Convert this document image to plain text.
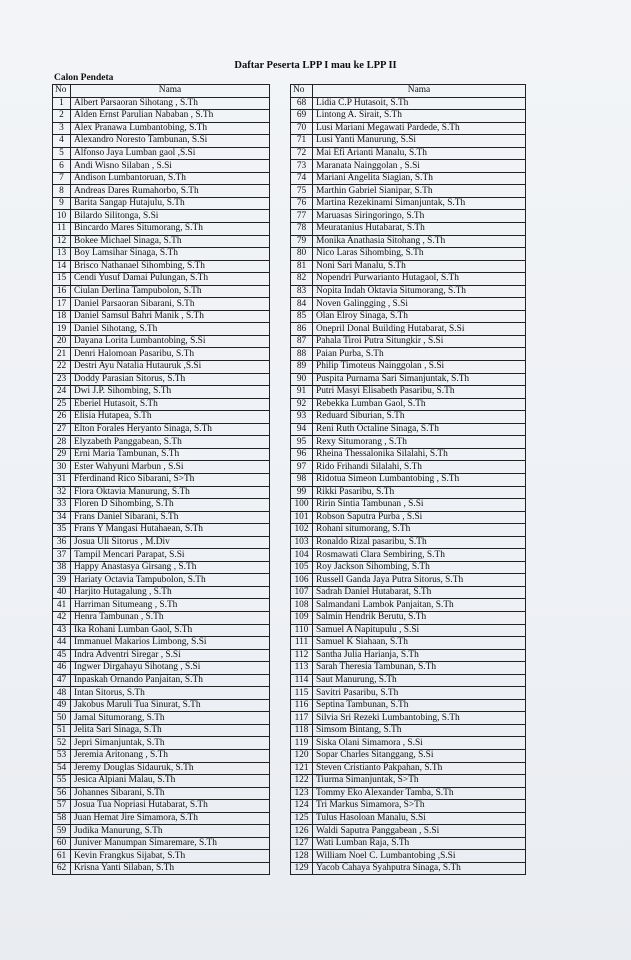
Daftar Peserta LPP I mau ke LPP II
Calon Pendeta
No	Nama
1	Albert Parsaoran Sihotang , S.Th
2	Alden Ernst Parulian Nababan , S.Th
3	Alex Pranawa Lumbantobing, S.Th
4	Alexandro Noresto Tambunan, S.Si
5	Alfonso Jaya Lumban gaol ,S.Si
6	Andi Wisno Silaban , S.Si
7	Andison Lumbantoruan, S.Th
8	Andreas Dares Rumahorbo, S.Th
9	Barita Sangap Hutajulu, S.Th
10	Bilardo Silitonga, S.Si
11	Bincardo Mares Situmorang, S.Th
12	Bokee Michael Sinaga, S.Th
13	Boy Lamsihar Sinaga, S.Th
14	Brisco Nathanael Sihombing, S.Th
15	Cendi Yusuf Damai Pulungan, S.Th
16	Ciulan Derlina Tampubolon, S.Th
17	Daniel Parsaoran Sibarani, S.Th
18	Daniel Samsul Bahri Manik , S.Th
19	Daniel Sihotang, S.Th
20	Dayana Lorita Lumbantobing, S.Si
21	Denri Halomoan Pasaribu, S.Th
22	Destri Ayu Natalia Hutauruk ,S.Si
23	Doddy Parasian Sitorus, S.Th
24	Dwi J.P. Sihombing, S.Th
25	Eberiel Hutasoit, S.Th
26	Elisia Hutapea, S.Th
27	Elton Forales Heryanto Sinaga, S.Th
28	Elyzabeth Panggabean, S.Th
29	Erni Maria Tambunan, S.Th
30	Ester Wahyuni Marbun , S.Si
31	Fferdinand Rico Sibarani, S>Th
32	Flora Oktavia Manurung, S.Th
33	Floren D Sihombing, S.Th
34	Frans Daniel Sibarani, S.Th
35	Frans Y Mangasi Hutahaean, S.Th
36	Josua Uli Sitorus , M.Div
37	Tampil Mencari Parapat, S.Si
38	Happy Anastasya Girsang , S.Th
39	Hariaty Octavia Tampubolon, S.Th
40	Harjito Hutagalung , S.Th
41	Harriman Situmeang , S.Th
42	Henra Tambunan , S.Th
43	Ika Rohani Lumban Gaol, S.Th
44	Immanuel Makarios Limbong, S.Si
45	Indra Adventri Siregar , S.Si
46	Ingwer Dirgahayu Sihotang , S.Si
47	Inpaskah Ornando Panjaitan, S.Th
48	Intan Sitorus, S.Th
49	Jakobus Maruli Tua Sinurat, S.Th
50	Jamal Situmorang, S.Th
51	Jelita Sari Sinaga, S.Th
52	Jepri Simanjuntak, S.Th
53	Jeremia Aritonang , S.Th
54	Jeremy Douglas Sidauruk, S.Th
55	Jesica Alpiani Malau, S.Th
56	Johannes Sibarani, S.Th
57	Josua Tua Nopriasi Hutabarat, S.Th
58	Juan Hemat Jire Simamora, S.Th
59	Judika Manurung, S.Th
60	Juniver Manumpan Simaremare, S.Th
61	Kevin Frangkus Sijabat, S.Th
62	Krisna Yanti Silaban, S.Th
No	Nama
68	Lidia C.P Hutasoit, S.Th
69	Lintong A. Sirait, S.Th
70	Lusi Mariani Megawati Pardede, S.Th
71	Lusi Yanti Manurung, S.Si
72	Mai Efi Arianti Manalu, S.Th
73	Maranata Nainggolan , S.Si
74	Mariani Angelita Siagian, S.Th
75	Marthin Gabriel Sianipar, S.Th
76	Martina Rezekinami Simanjuntak, S.Th
77	Maruasas Siringoringo, S.Th
78	Meuratanius Hutabarat, S.Th
79	Monika Anathasia Sitohang , S.Th
80	Nico Laras Sihombing, S.Th
81	Noni Sari Manalu, S.Th
82	Nopendri Purwarianto Hutagaol, S.Th
83	Nopita Indah Oktavia Situmorang, S.Th
84	Noven Galingging , S.Si
85	Olan Elroy Sinaga, S.Th
86	Onepril Donal Building Hutabarat, S.Si
87	Pahala Tiroi Putra Situngkir , S.Si
88	Paian Purba, S.Th
89	Philip Timoteus Nainggolan , S.Si
90	Puspita Purnama Sari Simanjuntak, S.Th
91	Putri Masyi Elisabeth Pasaribu, S.Th
92	Rebekka Lumban Gaol, S.Th
93	Reduard Siburian, S.Th
94	Reni Ruth Octaline Sinaga, S.Th
95	Rexy Situmorang , S.Th
96	Rheina Thessalonika Silalahi, S.Th
97	Rido Frihandi Silalahi, S.Th
98	Ridotua Simeon Lumbantobing , S.Th
99	Rikki Pasaribu, S.Th
100	Ririn Sintia Tambunan , S.Si
101	Robson Saputra Purba , S.Si
102	Rohani situmorang, S.Th
103	Ronaldo Rizal pasaribu, S.Th
104	Rosmawati Clara Sembiring, S.Th
105	Roy Jackson Sihombing, S.Th
106	Russell Ganda Jaya Putra Sitorus, S.Th
107	Sadrah Daniel Hutabarat, S.Th
108	Salmandani Lambok Panjaitan, S.Th
109	Salmin Hendrik Berutu, S.Th
110	Samuel A Napitupulu , S.Si
111	Samuel K Siahaan, S.Th
112	Santha Julia Harianja, S.Th
113	Sarah Theresia Tambunan, S.Th
114	Saut Manurung, S.Th
115	Savitri Pasaribu, S.Th
116	Septina Tambunan, S.Th
117	Silvia Sri Rezeki Lumbantobing, S.Th
118	Simsom Bintang, S.Th
119	Siska Olani Simamora , S.Si
120	Sopar Charles Sitanggang, S.Si
121	Steven Cristianto Pakpahan, S.Th
122	Tiurma Simanjuntak, S>Th
123	Tommy Eko Alexander Tamba, S.Th
124	Tri Markus Simamora, S>Th
125	Tulus Hasoloan Manalu, S.Si
126	Waldi Saputra Panggabean , S.Si
127	Wati Lumban Raja, S.Th
128	William Noel C. Lumbantobing ,S.Si
129	Yacob Cahaya Syahputra Sinaga, S.Th
